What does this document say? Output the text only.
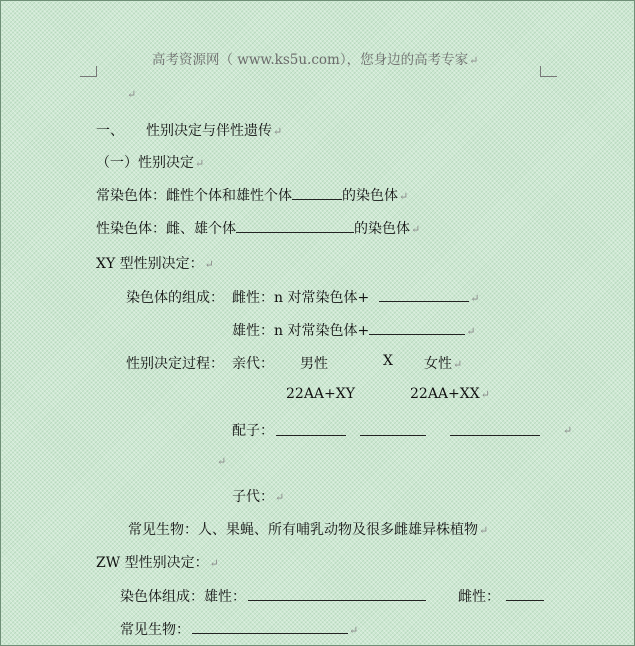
高考资源网（ www.ks5u.com），您身边的高考专家↵
↵
一、 性别决定与伴性遗传↵
（一）性别决定↵
常染色体：雌性个体和雄性个体	的染色体↵
性染色体：雌、雄个体	的染色体↵
XY 型性别决定：↵
染色体的组成： 雌性：n 对常染色体+	↵
雄性：n 对常染色体+	↵
性别决定过程： 亲代： 男性	X 女性↵
22AA+XY	22AA+XX↵
配子：	↵
↵
子代：↵
常见生物：人、果蝇、所有哺乳动物及很多雌雄异株植物↵
ZW 型性别决定：↵
染色体组成：雄性：	雌性：
常见生物：	↵
